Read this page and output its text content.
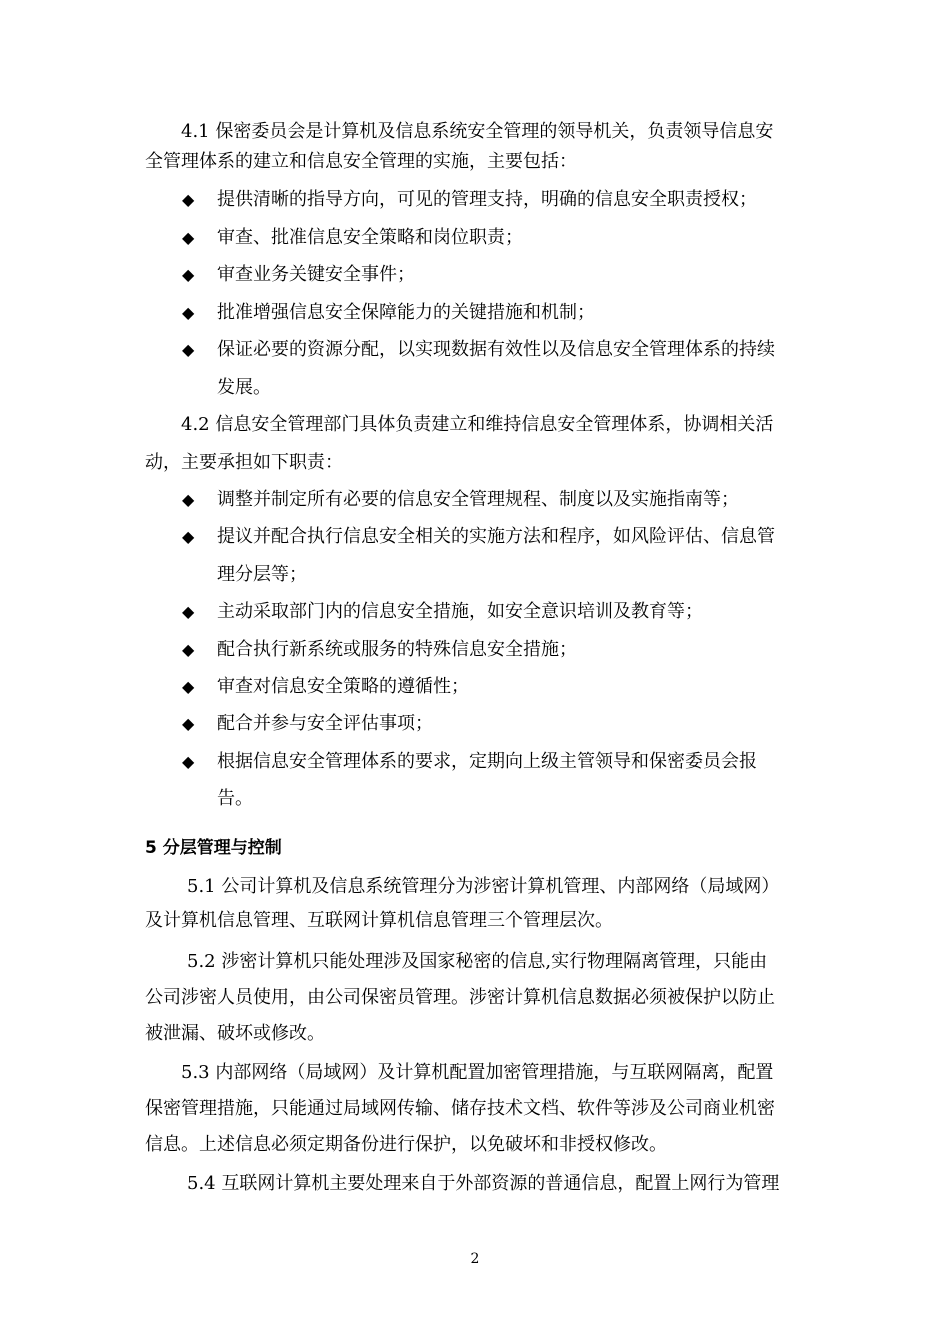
4.1 保密委员会是计算机及信息系统安全管理的领导机关，负责领导信息安
全管理体系的建立和信息安全管理的实施，主要包括：
◆ 提供清晰的指导方向，可见的管理支持，明确的信息安全职责授权；
◆ 审查、批准信息安全策略和岗位职责；
◆ 审查业务关键安全事件；
◆ 批准增强信息安全保障能力的关键措施和机制；
◆ 保证必要的资源分配，以实现数据有效性以及信息安全管理体系的持续
发展。
4.2 信息安全管理部门具体负责建立和维持信息安全管理体系，协调相关活
动，主要承担如下职责：
◆ 调整并制定所有必要的信息安全管理规程、制度以及实施指南等；
◆ 提议并配合执行信息安全相关的实施方法和程序，如风险评估、信息管
理分层等；
◆ 主动采取部门内的信息安全措施，如安全意识培训及教育等；
◆ 配合执行新系统或服务的特殊信息安全措施；
◆ 审查对信息安全策略的遵循性；
◆ 配合并参与安全评估事项；
◆ 根据信息安全管理体系的要求，定期向上级主管领导和保密委员会报
告。
5 分层管理与控制
5.1 公司计算机及信息系统管理分为涉密计算机管理、内部网络（局域网）
及计算机信息管理、互联网计算机信息管理三个管理层次。
5.2 涉密计算机只能处理涉及国家秘密的信息,实行物理隔离管理，只能由
公司涉密人员使用，由公司保密员管理。涉密计算机信息数据必须被保护以防止
被泄漏、破坏或修改。
5.3 内部网络（局域网）及计算机配置加密管理措施，与互联网隔离，配置
保密管理措施，只能通过局域网传输、储存技术文档、软件等涉及公司商业机密
信息。上述信息必须定期备份进行保护，以免破坏和非授权修改。
5.4 互联网计算机主要处理来自于外部资源的普通信息，配置上网行为管理
2
